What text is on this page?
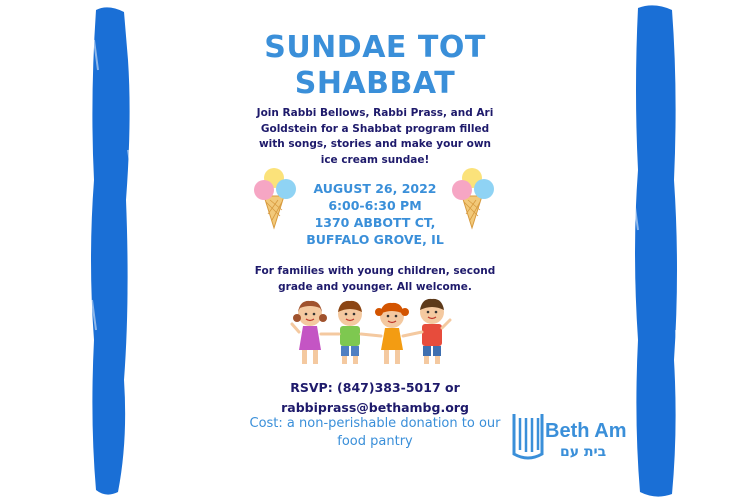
SUNDAE TOT
SHABBAT
Join Rabbi Bellows, Rabbi Prass, and Ari
Goldstein for a Shabbat program filled
with songs, stories and make your own
ice cream sundae!
AUGUST 26, 2022
6:00-6:30 PM
1370 ABBOTT CT,
BUFFALO GROVE, IL
For families with young children, second
grade and younger. All welcome.
RSVP: (847)383-5017 or
rabbiprass@bethambg.org
Cost: a non-perishable donation to our
food pantry	Beth Am
בית עם
